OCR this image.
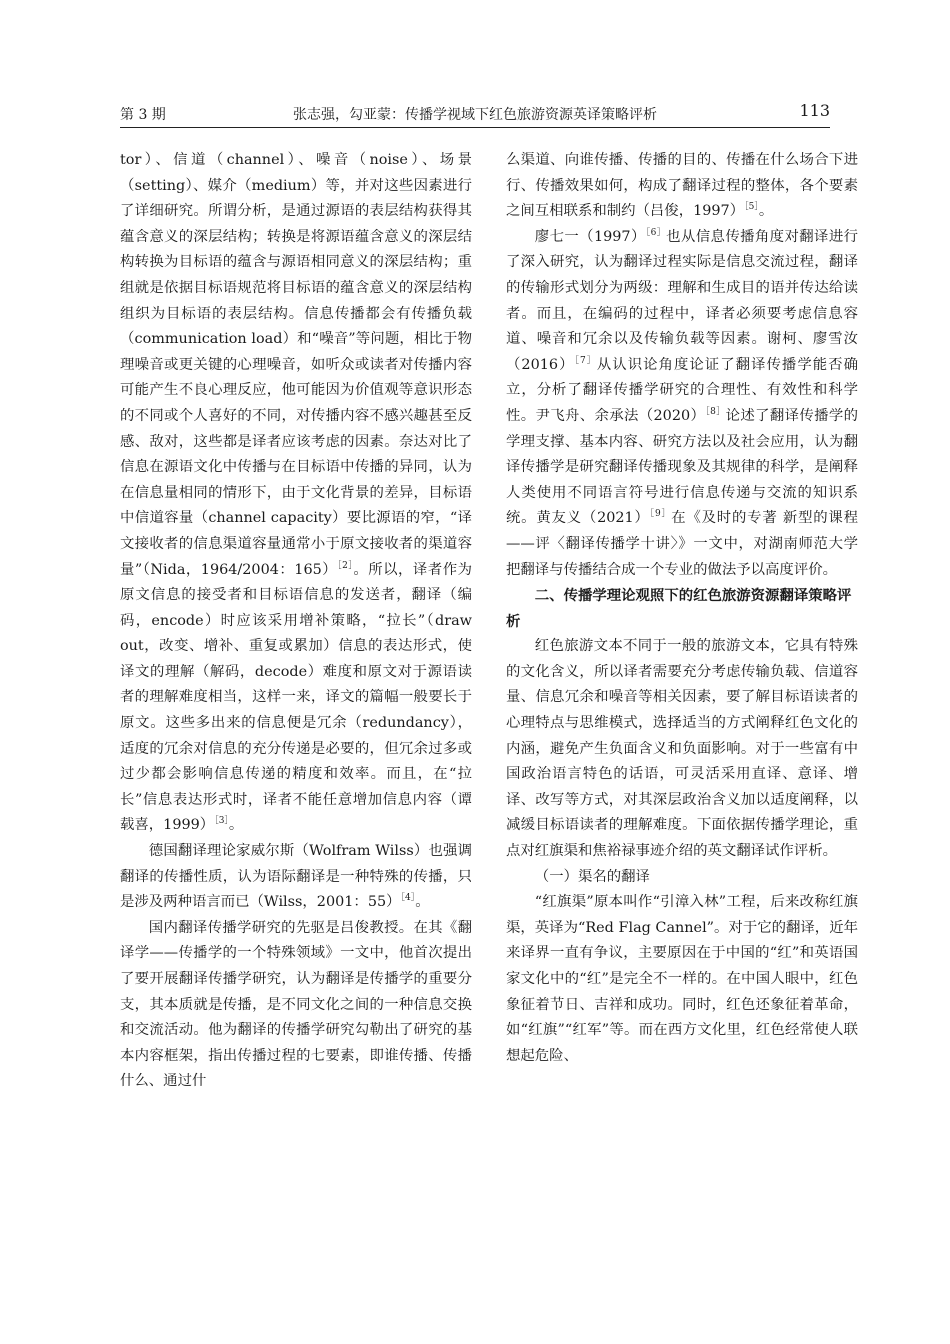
第 3 期	张志强，勾亚蒙：传播学视域下红色旅游资源英译策略评析	113

tor）、信道（channel）、噪音（noise）、场景（setting）、媒介（medium）等，并对这些因素进行了详细研究。所谓分析，是通过源语的表层结构获得其蕴含意义的深层结构；转换是将源语蕴含意义的深层结构转换为目标语的蕴含与源语相同意义的深层结构；重组就是依据目标语规范将目标语的蕴含意义的深层结构组织为目标语的表层结构。信息传播都会有传播负载（communication load）和“噪音”等问题，相比于物理噪音或更关键的心理噪音，如听众或读者对传播内容可能产生不良心理反应，他可能因为价值观等意识形态的不同或个人喜好的不同，对传播内容不感兴趣甚至反感、敌对，这些都是译者应该考虑的因素。奈达对比了信息在源语文化中传播与在目标语中传播的异同，认为在信息量相同的情形下，由于文化背景的差异，目标语中信道容量（channel capacity）要比源语的窄，“译文接收者的信息渠道容量通常小于原文接收者的渠道容量”（Nida，1964/2004：165）$^{[2]}$。所以，译者作为原文信息的接受者和目标语信息的发送者，翻译（编码，encode）时应该采用增补策略，“拉长”（draw out，改变、增补、重复或累加）信息的表达形式，使译文的理解（解码，decode）难度和原文对于源语读者的理解难度相当，这样一来，译文的篇幅一般要长于原文。这些多出来的信息便是冗余（redundancy），适度的冗余对信息的充分传递是必要的，但冗余过多或过少都会影响信息传递的精度和效率。而且，在“拉长”信息表达形式时，译者不能任意增加信息内容（谭载喜，1999）$^{[3]}$。

德国翻译理论家威尔斯（Wolfram Wilss）也强调翻译的传播性质，认为语际翻译是一种特殊的传播，只是涉及两种语言而已（Wilss，2001：55）$^{[4]}$。

国内翻译传播学研究的先驱是吕俊教授。在其《翻译学——传播学的一个特殊领域》一文中，他首次提出了要开展翻译传播学研究，认为翻译是传播学的重要分支，其本质就是传播，是不同文化之间的一种信息交换和交流活动。他为翻译的传播学研究勾勒出了研究的基本内容框架，指出传播过程的七要素，即谁传播、传播什么、通过什

么渠道、向谁传播、传播的目的、传播在什么场合下进行、传播效果如何，构成了翻译过程的整体，各个要素之间互相联系和制约（吕俊，1997）$^{[5]}$。

廖七一（1997）$^{[6]}$也从信息传播角度对翻译进行了深入研究，认为翻译过程实际是信息交流过程，翻译的传输形式划分为两级：理解和生成目的语并传达给读者。而且，在编码的过程中，译者必须要考虑信息容道、噪音和冗余以及传输负载等因素。谢柯、廖雪汝（2016）$^{[7]}$从认识论角度论证了翻译传播学能否确立，分析了翻译传播学研究的合理性、有效性和科学性。尹飞舟、余承法（2020）$^{[8]}$论述了翻译传播学的学理支撑、基本内容、研究方法以及社会应用，认为翻译传播学是研究翻译传播现象及其规律的科学，是阐释人类使用不同语言符号进行信息传递与交流的知识系统。黄友义（2021）$^{[9]}$在《及时的专著 新型的课程——评〈翻译传播学十讲〉》一文中，对湖南师范大学把翻译与传播结合成一个专业的做法予以高度评价。

二、传播学理论观照下的红色旅游资源翻译策略评析

红色旅游文本不同于一般的旅游文本，它具有特殊的文化含义，所以译者需要充分考虑传输负载、信道容量、信息冗余和噪音等相关因素，要了解目标语读者的心理特点与思维模式，选择适当的方式阐释红色文化的内涵，避免产生负面含义和负面影响。对于一些富有中国政治语言特色的话语，可灵活采用直译、意译、增译、改写等方式，对其深层政治含义加以适度阐释，以减缓目标语读者的理解难度。下面依据传播学理论，重点对红旗渠和焦裕禄事迹介绍的英文翻译试作评析。

（一）渠名的翻译

“红旗渠”原本叫作“引漳入林”工程，后来改称红旗渠，英译为“Red Flag Cannel”。对于它的翻译，近年来译界一直有争议，主要原因在于中国的“红”和英语国家文化中的“红”是完全不一样的。在中国人眼中，红色象征着节日、吉祥和成功。同时，红色还象征着革命，如“红旗”“红军”等。而在西方文化里，红色经常使人联想起危险、
